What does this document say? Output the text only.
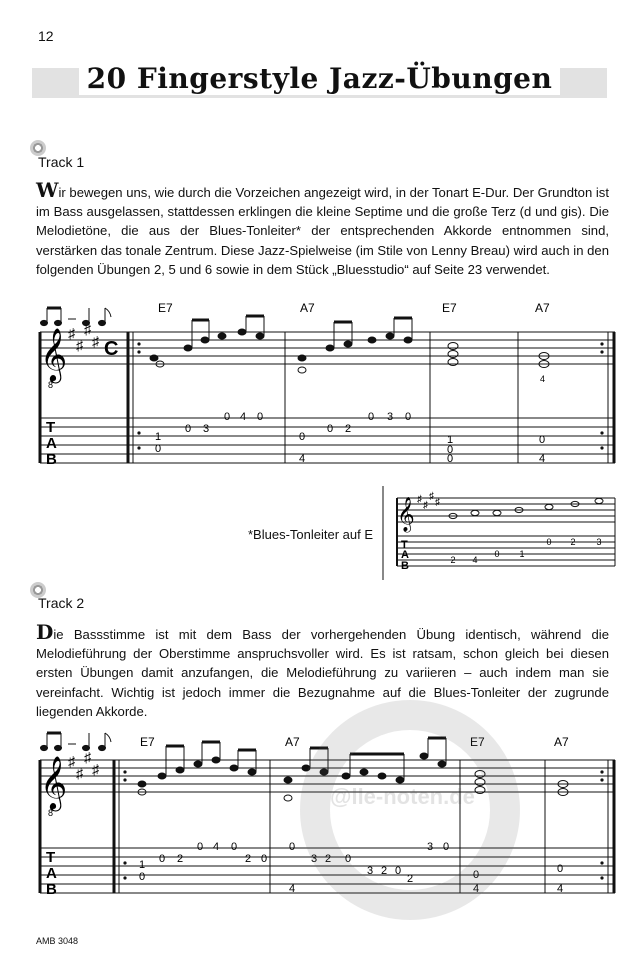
12
20 Fingerstyle Jazz-Übungen
Track 1
Wir bewegen uns, wie durch die Vorzeichen angezeigt wird, in der Tonart E-Dur. Der Grundton ist im Bass ausgelassen, stattdessen erklingen die kleine Septime und die große Terz (d und gis). Die Melodietöne, die aus der Blues-Tonleiter* der entsprechenden Akkorde entnommen sind, verstärken das tonale Zentrum. Diese Jazz-Spielweise (im Stile von Lenny Breau) wird auch in den folgenden Übungen 2, 5 und 6 sowie in dem Stück „Bluesstudio“ auf Seite 23 verwendet.
E7	A7	E7	A7
𝄞
8
♯
♯
♯
♯ C
T
A
B
4
1
0
0 3
0 4 0
0
4
0 2
0 3 0
1
0
0
0
4
*Blues-Tonleiter auf E
𝄞 ♯
♯
♯
♯
T
A
B	2 4
0 1
0 2 3
Track 2
Die Bassstimme ist mit dem Bass der vorhergehenden Übung identisch, während die Melodieführung der Oberstimme anspruchsvoller wird. Es ist ratsam, schon gleich bei diesen ersten Übungen damit anzufangen, die Melodieführung zu variieren – auch indem man sie vereinfacht. Wichtig ist jedoch immer die Bezugnahme auf die Blues-Tonleiter der zugrunde liegenden Akkorde.
E7	A7	E7	A7
𝄞
8
♯
♯
♯
♯
T
A
B
1
0
0 2
0 4 0
2 0
0
4
3 2 0
3 2 0
2
3 0
0
4
0
4
@lle-noten.de
AMB 3048
